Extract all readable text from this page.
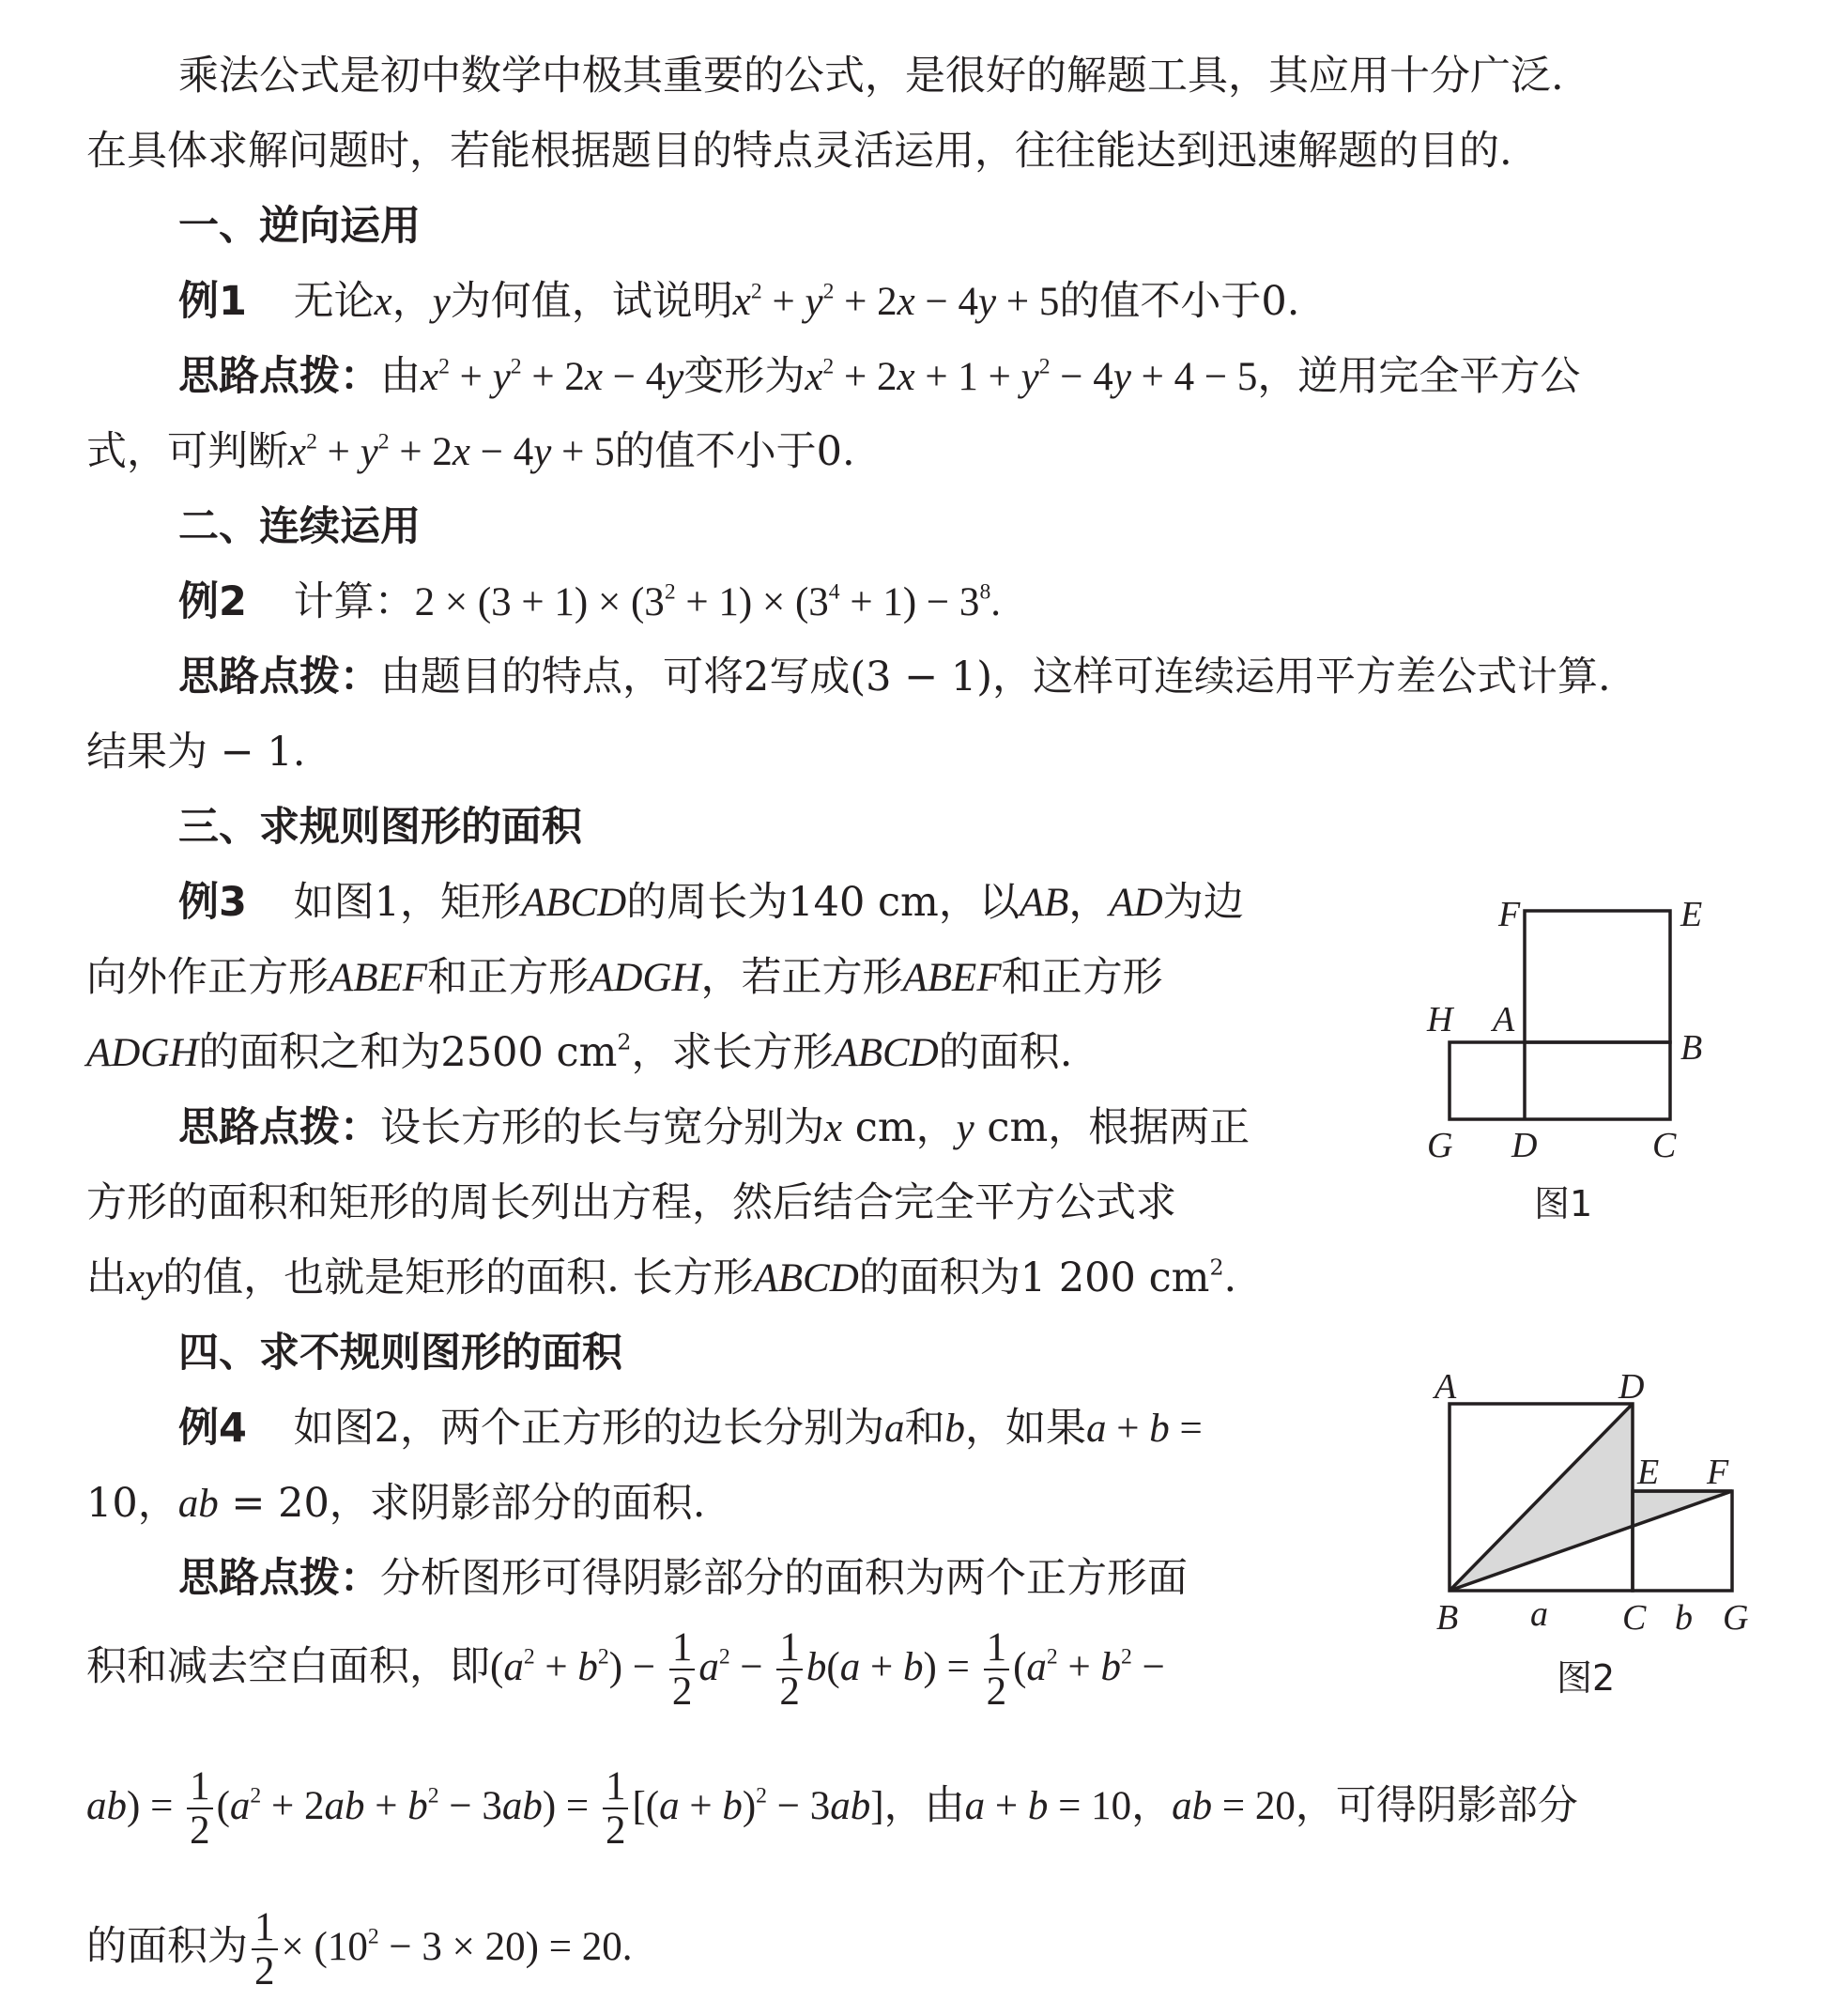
乘法公式是初中数学中极其重要的公式，是很好的解题工具，其应用十分广泛.
在具体求解问题时，若能根据题目的特点灵活运用，往往能达到迅速解题的目的.
一、逆向运用
例1 无论x，y为何值，试说明$x^2 + y^2 + 2x - 4y + 5$的值不小于0.
思路点拨：由$x^2 + y^2 + 2x - 4y$变形为$x^2 + 2x + 1 + y^2 - 4y + 4 - 5$，逆用完全平方公
式，可判断$x^2 + y^2 + 2x - 4y + 5$的值不小于0.
二、连续运用
例2 计算：$2 \times (3 + 1) \times (3^2 + 1) \times (3^4 + 1) - 3^8$.
思路点拨：由题目的特点，可将2写成(3 − 1)，这样可连续运用平方差公式计算.
结果为 − 1.
三、求规则图形的面积
例3 如图1，矩形ABCD的周长为140 cm，以AB，AD为边
向外作正方形ABEF和正方形ADGH，若正方形ABEF和正方形
ADGH的面积之和为2500 $cm^2$，求长方形ABCD的面积.
思路点拨：设长方形的长与宽分别为x cm，y cm，根据两正
方形的面积和矩形的周长列出方程，然后结合完全平方公式求
出xy的值，也就是矩形的面积. 长方形ABCD的面积为1 200 $cm^2$.
四、求不规则图形的面积
例4 如图2，两个正方形的边长分别为a和b，如果a + b =
10，ab = 20，求阴影部分的面积.
思路点拨：分析图形可得阴影部分的面积为两个正方形面
积和减去空白面积，即$(a^2 + b^2) - \frac{1}{2} a^2 - \frac{1}{2} b(a + b) = \frac{1}{2} (a^2 + b^2$ −
$ab) = \frac{1}{2} (a^2 + 2ab + b^2 - 3ab) = \frac{1}{2} [(a + b)^2 - 3ab]$，由a + b = 10，ab = 20，可得阴影部分
的面积为 $\frac{1}{2} \times (10^2 - 3 \times 20) = 20$.
F	E
H A
B
G D	C
图1
A	D
E F
B a C b G
图2
